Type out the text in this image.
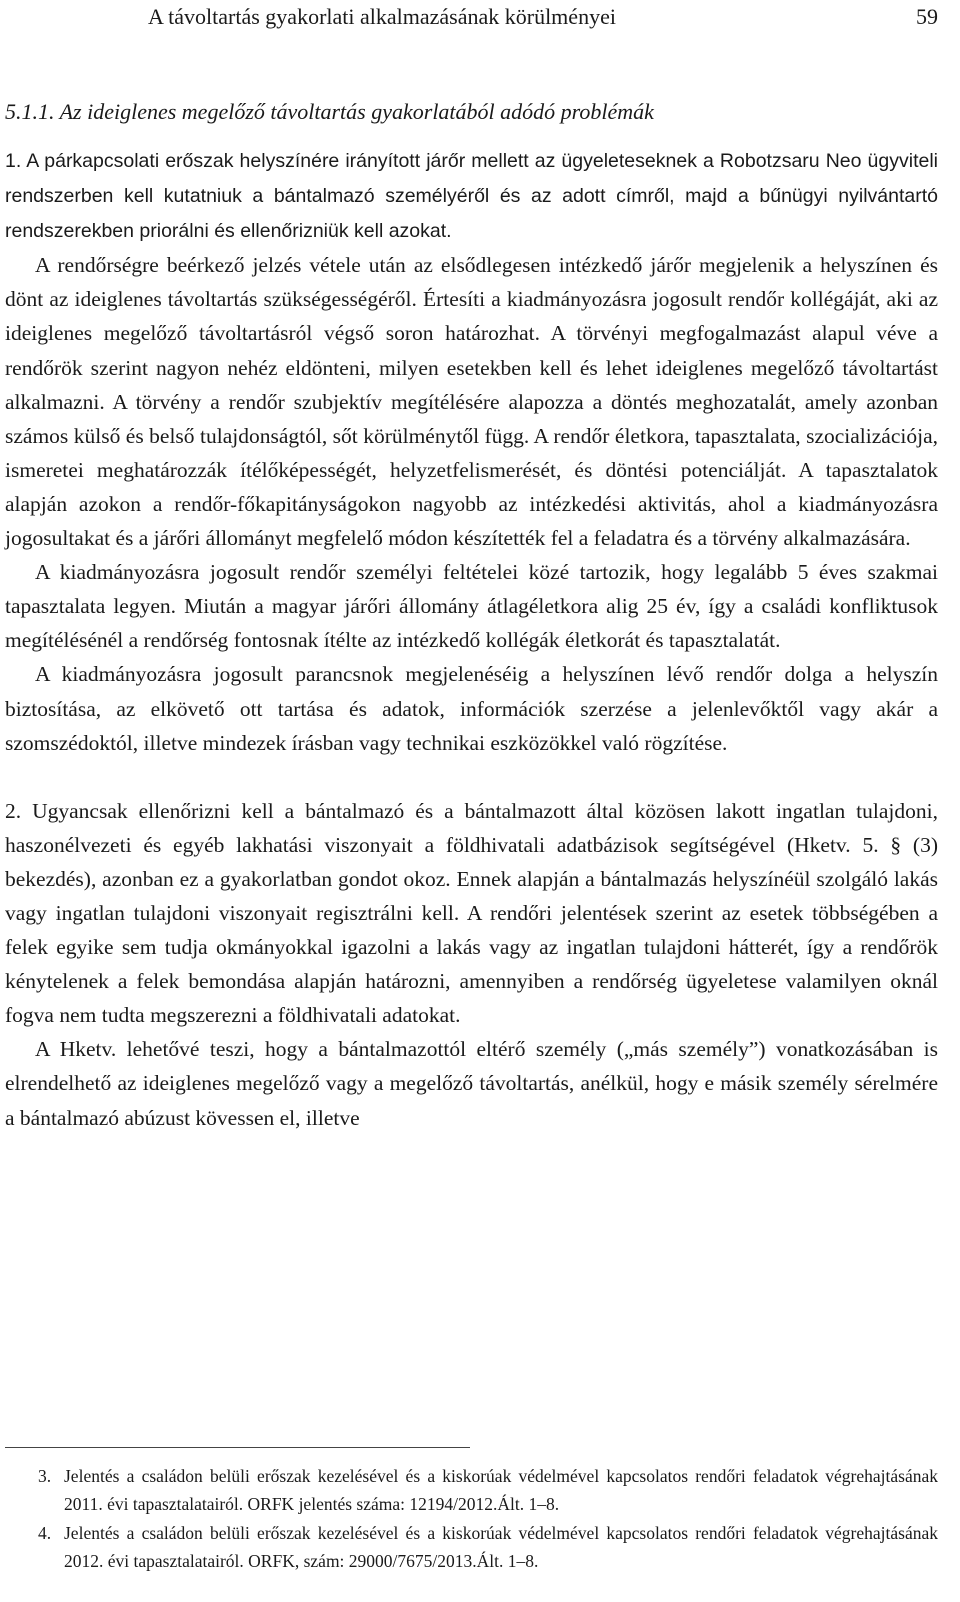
A távoltartás gyakorlati alkalmazásának körülményei	59
5.1.1. Az ideiglenes megelőző távoltartás gyakorlatából adódó problémák

1. A párkapcsolati erőszak helyszínére irányított járőr mellett az ügyeleteseknek a Robotzsaru Neo ügyviteli rendszerben kell kutatniuk a bántalmazó személyéről és az adott címről, majd a bűnügyi nyilvántartó rendszerekben priorálni és ellenőrizniük kell azokat.

A rendőrségre beérkező jelzés vétele után az elsődlegesen intézkedő járőr megjelenik a helyszínen és dönt az ideiglenes távoltartás szükségességéről. Értesíti a kiadmányozásra jogosult rendőr kollégáját, aki az ideiglenes megelőző távoltartásról végső soron határozhat. A törvényi megfogalmazást alapul véve a rendőrök szerint nagyon nehéz eldönteni, milyen esetekben kell és lehet ideiglenes megelőző távoltartást alkalmazni. A törvény a rendőr szubjektív megítélésére alapozza a döntés meghozatalát, amely azonban számos külső és belső tulajdonságtól, sőt körülménytől függ. A rendőr életkora, tapasztalata, szocializációja, ismeretei meghatározzák ítélőképességét, helyzetfelismerését, és döntési potenciálját. A tapasztalatok alapján azokon a rendőr-főkapitányságokon nagyobb az intézkedési aktivitás, ahol a kiadmányozásra jogosultakat és a járőri állományt megfelelő módon készítették fel a feladatra és a törvény alkalmazására.

A kiadmányozásra jogosult rendőr személyi feltételei közé tartozik, hogy legalább 5 éves szakmai tapasztalata legyen. Miután a magyar járőri állomány átlagéletkora alig 25 év, így a családi konfliktusok megítélésénél a rendőrség fontosnak ítélte az intézkedő kollégák életkorát és tapasztalatát.

A kiadmányozásra jogosult parancsnok megjelenéséig a helyszínen lévő rendőr dolga a helyszín biztosítása, az elkövető ott tartása és adatok, információk szerzése a jelenlevőktől vagy akár a szomszédoktól, illetve mindezek írásban vagy technikai eszközökkel való rögzítése.

2. Ugyancsak ellenőrizni kell a bántalmazó és a bántalmazott által közösen lakott ingatlan tulajdoni, haszonélvezeti és egyéb lakhatási viszonyait a földhivatali adatbázisok segítségével (Hketv. 5. § (3) bekezdés), azonban ez a gyakorlatban gondot okoz. Ennek alapján a bántalmazás helyszínéül szolgáló lakás vagy ingatlan tulajdoni viszonyait regisztrálni kell. A rendőri jelentések szerint az esetek többségében a felek egyike sem tudja okmányokkal igazolni a lakás vagy az ingatlan tulajdoni hátterét, így a rendőrök kénytelenek a felek bemondása alapján határozni, amennyiben a rendőrség ügyeletese valamilyen oknál fogva nem tudta megszerezni a földhivatali adatokat.

A Hketv. lehetővé teszi, hogy a bántalmazottól eltérő személy („más személy”) vonatkozásában is elrendelhető az ideiglenes megelőző vagy a megelőző távoltartás, anélkül, hogy e másik személy sérelmére a bántalmazó abúzust kövessen el, illetve

3. Jelentés a családon belüli erőszak kezelésével és a kiskorúak védelmével kapcsolatos rendőri feladatok végrehajtásának 2011. évi tapasztalatairól. ORFK jelentés száma: 12194/2012.Ált. 1–8.

4. Jelentés a családon belüli erőszak kezelésével és a kiskorúak védelmével kapcsolatos rendőri feladatok végrehajtásának 2012. évi tapasztalatairól. ORFK, szám: 29000/7675/2013.Ált. 1–8.
